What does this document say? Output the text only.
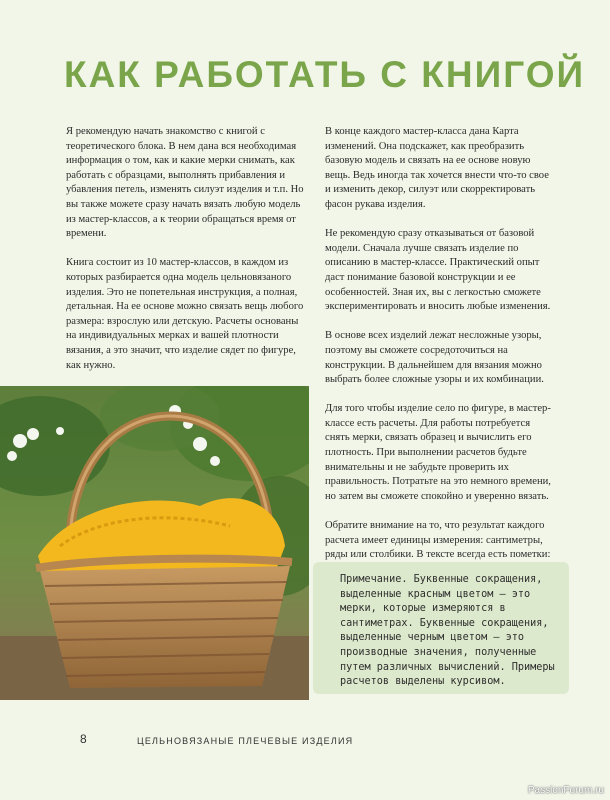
КАК РАБОТАТЬ С КНИГОЙ

Я рекомендую начать знакомство с книгой с теоретического блока. В нем дана вся необходимая информация о том, как и какие мерки снимать, как работать с образцами, выполнять прибавления и убавления петель, изменять силуэт изделия и т.п. Но вы также можете сразу начать вязать любую модель из мастер-классов, а к теории обращаться время от времени.

Книга состоит из 10 мастер-классов, в каждом из которых разбирается одна модель цельновязаного изделия. Это не попетельная инструкция, а полная, детальная. На ее основе можно связать вещь любого размера: взрослую или детскую. Расчеты основаны на индивидуальных мерках и вашей плотности вязания, а это значит, что изделие сядет по фигуре, как нужно.

В конце каждого мастер-класса дана Карта изменений. Она подскажет, как преобразить базовую модель и связать на ее основе новую вещь. Ведь иногда так хочется внести что-то свое и изменить декор, силуэт или скорректировать фасон рукава изделия.

Не рекомендую сразу отказываться от базовой модели. Сначала лучше связать изделие по описанию в мастер-классе. Практический опыт даст понимание базовой конструкции и ее особенностей. Зная их, вы с легкостью сможете экспериментировать и вносить любые изменения.

В основе всех изделий лежат несложные узоры, поэтому вы сможете сосредоточиться на конструкции. В дальнейшем для вязания можно выбрать более сложные узоры и их комбинации.

Для того чтобы изделие село по фигуре, в мастер-классе есть расчеты. Для работы потребуется снять мерки, связать образец и вычислить его плотность. При выполнении расчетов будьте внимательны и не забудьте проверить их правильность. Потратьте на это немного времени, но затем вы сможете спокойно и уверенно вязать.

Обратите внимание на то, что результат каждого расчета имеет единицы измерения: сантиметры, ряды или столбики. В тексте всегда есть пометки:

Примечание. Буквенные сокращения, выделенные красным цветом — это мерки, которые измеряются в сантиметрах. Буквенные сокращения, выделенные черным цветом — это производные значения, полученные путем различных вычислений. Примеры расчетов выделены курсивом.

8	ЦЕЛЬНОВЯЗАНЫЕ ПЛЕЧЕВЫЕ ИЗДЕЛИЯ
PassionForum.ru
